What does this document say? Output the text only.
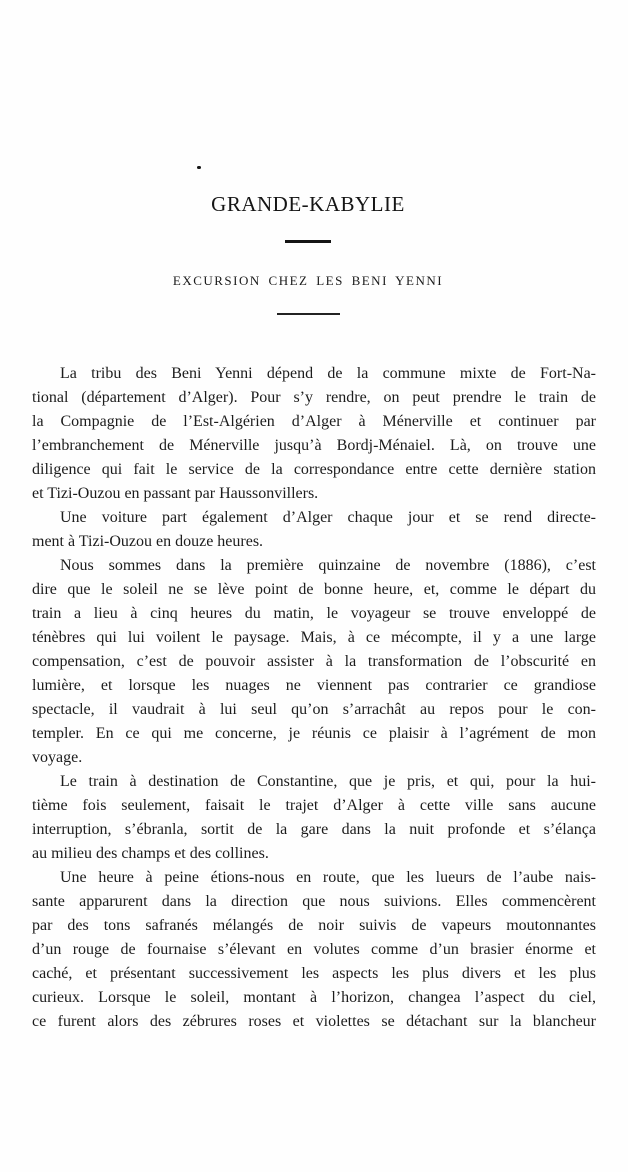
GRANDE-KABYLIE
EXCURSION CHEZ LES BENI YENNI
La tribu des Beni Yenni dépend de la commune mixte de Fort-Na-
tional (département d’Alger). Pour s’y rendre, on peut prendre le train de
la Compagnie de l’Est-Algérien d’Alger à Ménerville et continuer par
l’embranchement de Ménerville jusqu’à Bordj-Ménaiel. Là, on trouve une
diligence qui fait le service de la correspondance entre cette dernière station
et Tizi-Ouzou en passant par Haussonvillers.
Une voiture part également d’Alger chaque jour et se rend directe-
ment à Tizi-Ouzou en douze heures.
Nous sommes dans la première quinzaine de novembre (1886), c’est
dire que le soleil ne se lève point de bonne heure, et, comme le départ du
train a lieu à cinq heures du matin, le voyageur se trouve enveloppé de
ténèbres qui lui voilent le paysage. Mais, à ce mécompte, il y a une large
compensation, c’est de pouvoir assister à la transformation de l’obscurité en
lumière, et lorsque les nuages ne viennent pas contrarier ce grandiose
spectacle, il vaudrait à lui seul qu’on s’arrachât au repos pour le con-
templer. En ce qui me concerne, je réunis ce plaisir à l’agrément de mon
voyage.
Le train à destination de Constantine, que je pris, et qui, pour la hui-
tième fois seulement, faisait le trajet d’Alger à cette ville sans aucune
interruption, s’ébranla, sortit de la gare dans la nuit profonde et s’élança
au milieu des champs et des collines.
Une heure à peine étions-nous en route, que les lueurs de l’aube nais-
sante apparurent dans la direction que nous suivions. Elles commencèrent
par des tons safranés mélangés de noir suivis de vapeurs moutonnantes
d’un rouge de fournaise s’élevant en volutes comme d’un brasier énorme et
caché, et présentant successivement les aspects les plus divers et les plus
curieux. Lorsque le soleil, montant à l’horizon, changea l’aspect du ciel,
ce furent alors des zébrures roses et violettes se détachant sur la blancheur
